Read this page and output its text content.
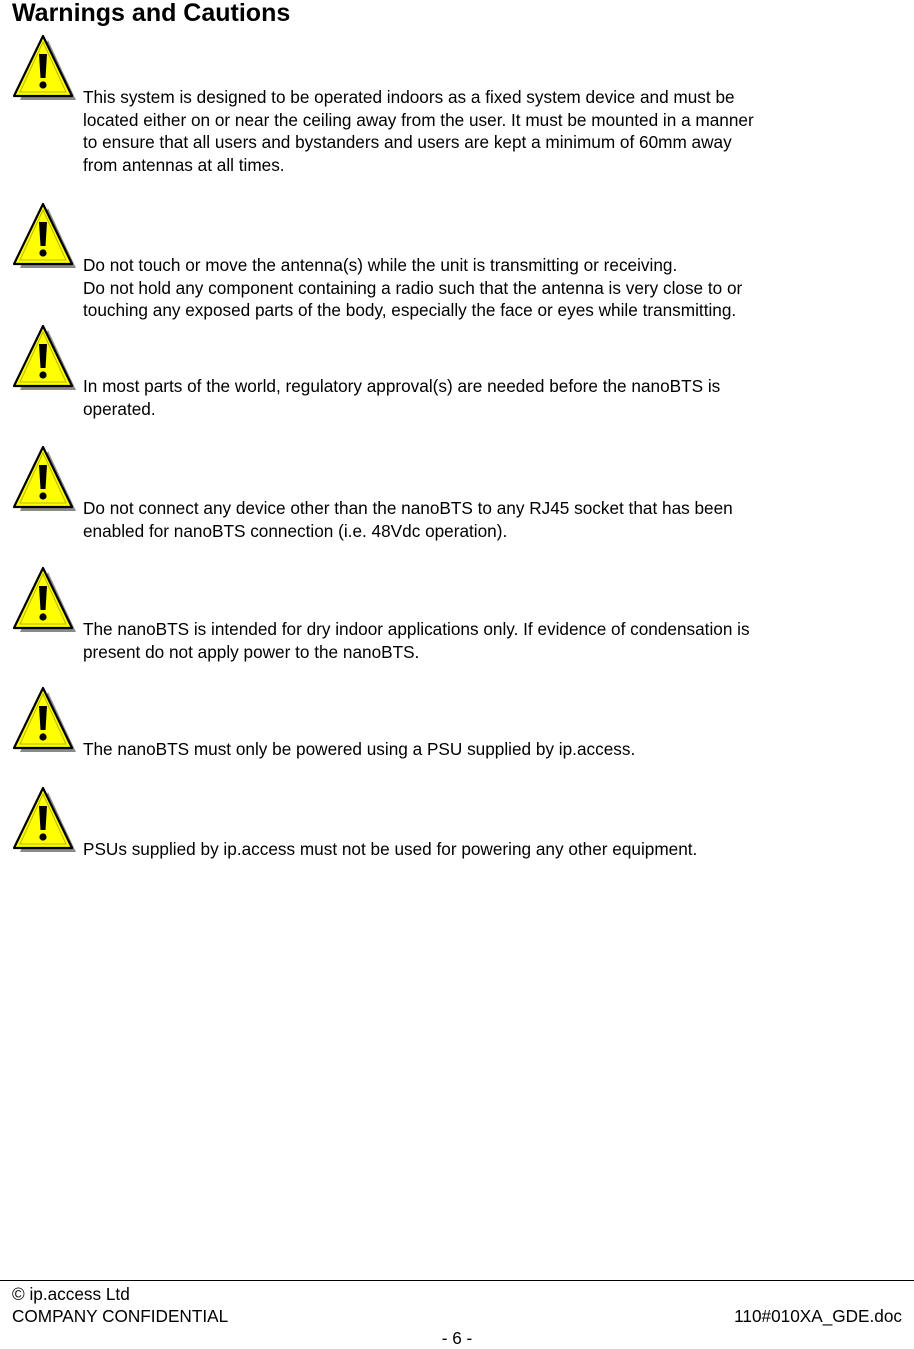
Warnings and Cautions

This system is designed to be operated indoors as a fixed system device and must be
located either on or near the ceiling away from the user. It must be mounted in a manner
to ensure that all users and bystanders and users are kept a minimum of 60mm away
from antennas at all times.

Do not touch or move the antenna(s) while the unit is transmitting or receiving.
Do not hold any component containing a radio such that the antenna is very close to or
touching any exposed parts of the body, especially the face or eyes while transmitting.

In most parts of the world, regulatory approval(s) are needed before the nanoBTS is
operated.

Do not connect any device other than the nanoBTS to any RJ45 socket that has been
enabled for nanoBTS connection (i.e. 48Vdc operation).

The nanoBTS is intended for dry indoor applications only. If evidence of condensation is
present do not apply power to the nanoBTS.

The nanoBTS must only be powered using a PSU supplied by ip.access.

PSUs supplied by ip.access must not be used for powering any other equipment.

© ip.access Ltd
COMPANY CONFIDENTIAL	110#010XA_GDE.doc
- 6 -
